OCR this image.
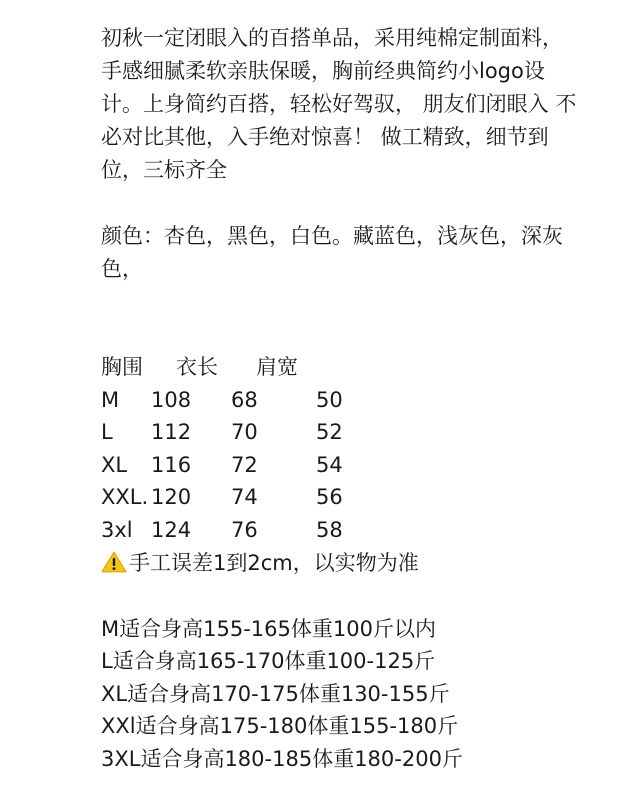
初秋一定闭眼入的百搭单品，采用纯棉定制面料，
手感细腻柔软亲肤保暖，胸前经典简约小logo设
计。上身简约百搭，轻松好驾驭， 朋友们闭眼入 不
必对比其他，入手绝对惊喜！ 做工精致，细节到
位，三标齐全
颜色：杏色，黑色，白色。藏蓝色，浅灰色，深灰
色，
胸围 衣长 肩宽
M 108 68	50
L 112 70	52
XL 116 72	54
XXL. 120 74	56
3xl 124 76	58
手工误差1到2cm，以实物为准
M适合身高155-165体重100斤以内
L适合身高165-170体重100-125斤
XL适合身高170-175体重130-155斤
XXl适合身高175-180体重155-180斤
3XL适合身高180-185体重180-200斤
